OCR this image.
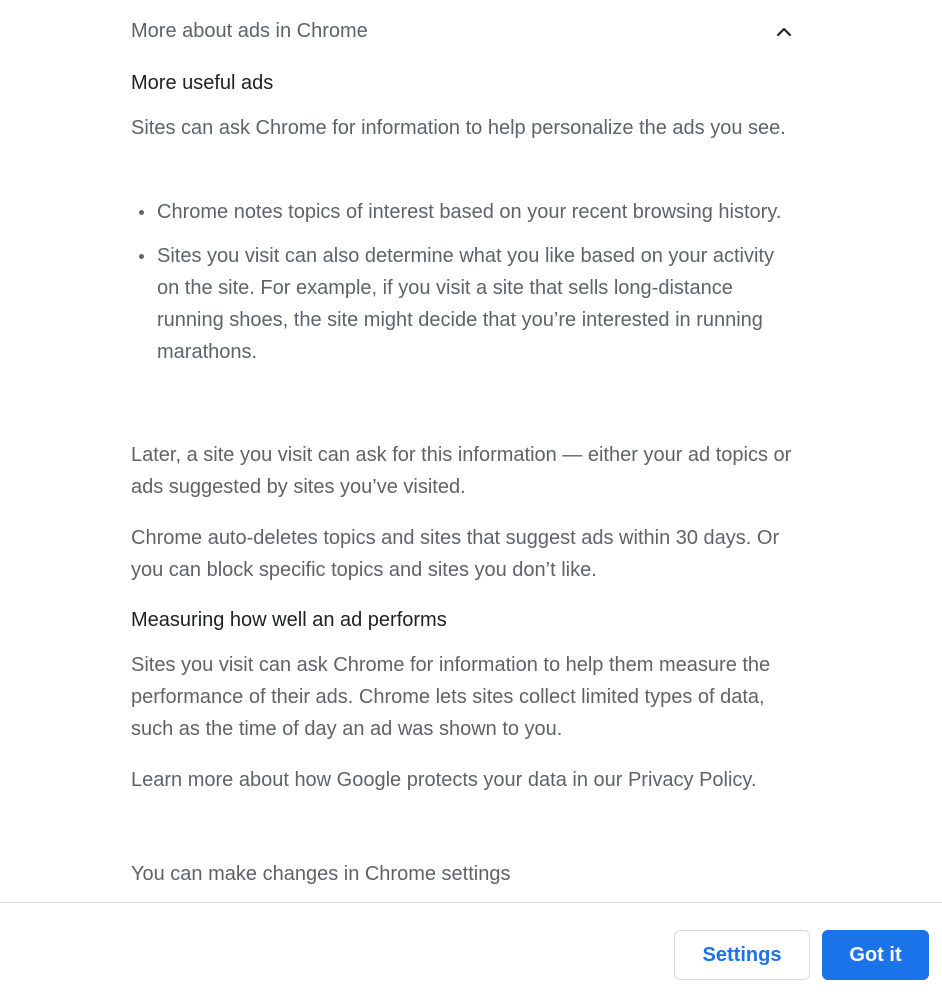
More about ads in Chrome
More useful ads

Sites can ask Chrome for information to help personalize the ads you see.

Chrome notes topics of interest based on your recent browsing history.
Sites you visit can also determine what you like based on your activity on the site. For example, if you visit a site that sells long-distance running shoes, the site might decide that you’re interested in running marathons.

Later, a site you visit can ask for this information — either your ad topics or ads suggested by sites you’ve visited.

Chrome auto-deletes topics and sites that suggest ads within 30 days. Or you can block specific topics and sites you don’t like.

Measuring how well an ad performs

Sites you visit can ask Chrome for information to help them measure the performance of their ads. Chrome lets sites collect limited types of data, such as the time of day an ad was shown to you.

Learn more about how Google protects your data in our Privacy Policy.

You can make changes in Chrome settings

Settings	Got it
